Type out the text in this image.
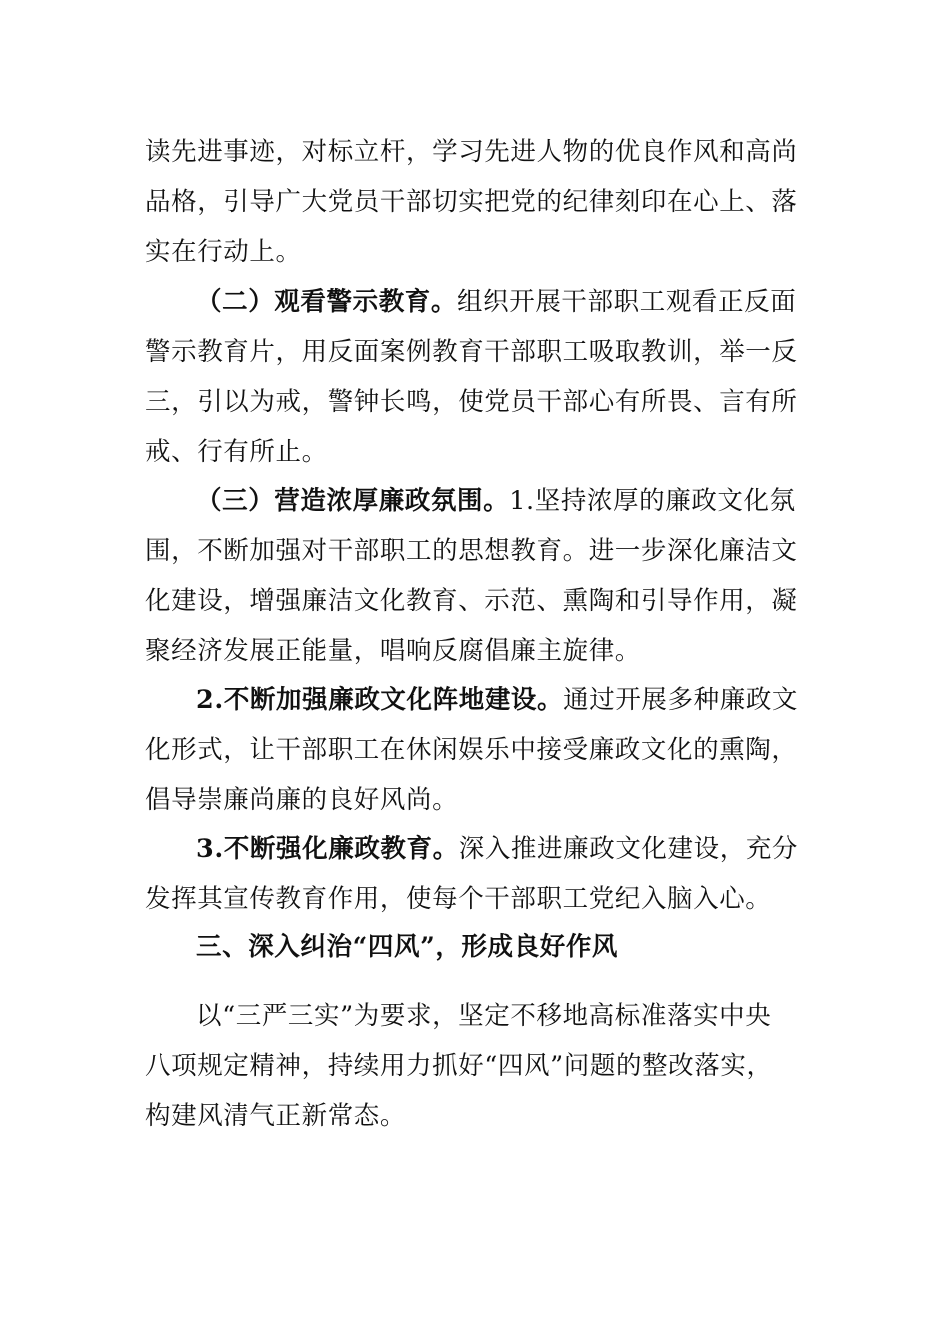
读先进事迹，对标立杆，学习先进人物的优良作风和高尚
品格，引导广大党员干部切实把党的纪律刻印在心上、落
实在行动上。
（二）观看警示教育。组织开展干部职工观看正反面
警示教育片，用反面案例教育干部职工吸取教训，举一反
三，引以为戒，警钟长鸣，使党员干部心有所畏、言有所
戒、行有所止。
（三）营造浓厚廉政氛围。1.坚持浓厚的廉政文化氛
围，不断加强对干部职工的思想教育。进一步深化廉洁文
化建设，增强廉洁文化教育、示范、熏陶和引导作用，凝
聚经济发展正能量，唱响反腐倡廉主旋律。
2.不断加强廉政文化阵地建设。通过开展多种廉政文
化形式，让干部职工在休闲娱乐中接受廉政文化的熏陶，
倡导崇廉尚廉的良好风尚。
3.不断强化廉政教育。深入推进廉政文化建设，充分
发挥其宣传教育作用，使每个干部职工党纪入脑入心。
三、深入纠治“四风”，形成良好作风
以“三严三实”为要求，坚定不移地高标准落实中央
八项规定精神，持续用力抓好“四风”问题的整改落实，
构建风清气正新常态。
